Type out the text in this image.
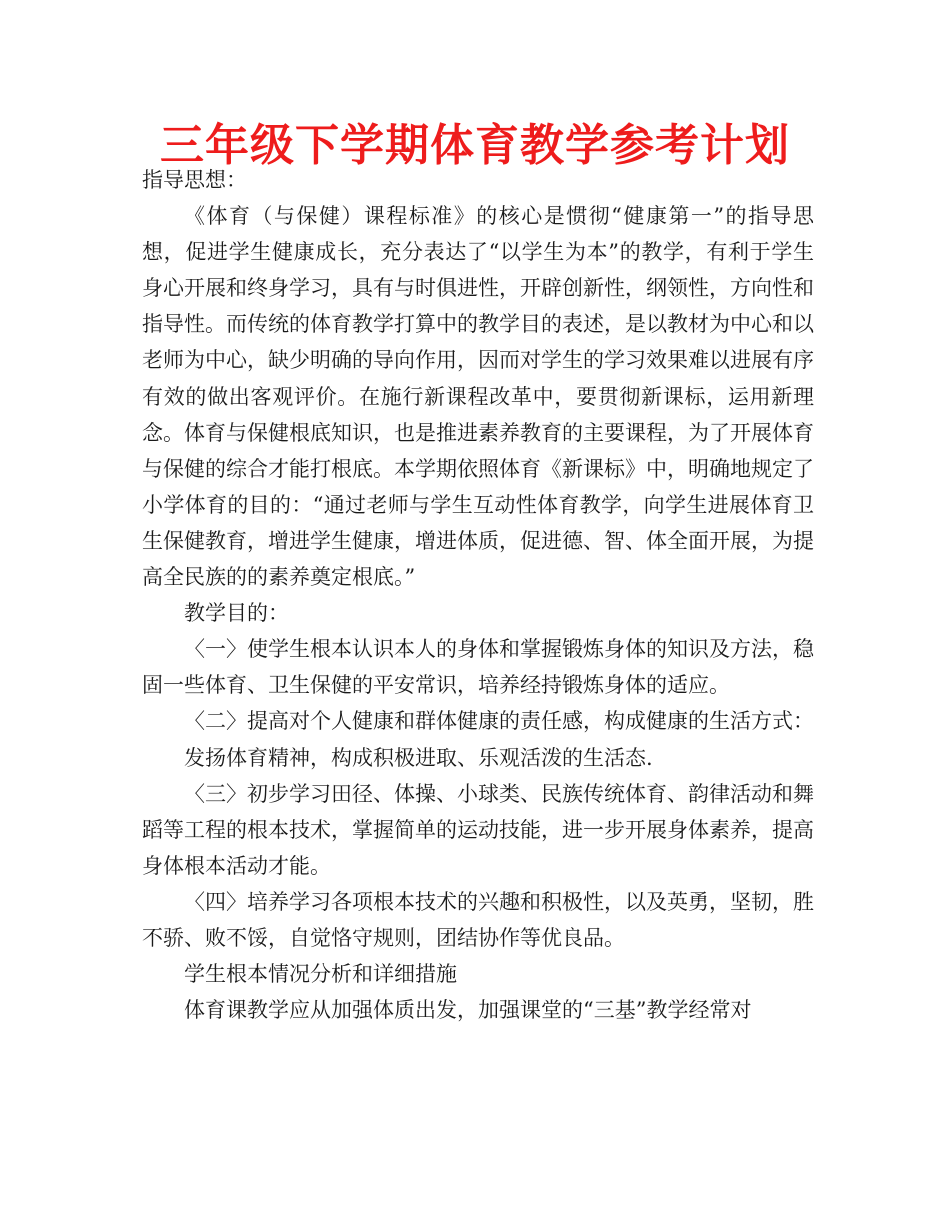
三年级下学期体育教学参考计划

指导思想：

《体育（与保健）课程标准》的核心是惯彻“健康第一”的指导思想，促进学生健康成长，充分表达了“以学生为本”的教学，有利于学生身心开展和终身学习，具有与时俱进性，开辟创新性，纲领性，方向性和指导性。而传统的体育教学打算中的教学目的表述，是以教材为中心和以老师为中心，缺少明确的导向作用，因而对学生的学习效果难以进展有序有效的做出客观评价。在施行新课程改革中，要贯彻新课标，运用新理念。体育与保健根底知识，也是推进素养教育的主要课程，为了开展体育与保健的综合才能打根底。本学期依照体育《新课标》中，明确地规定了小学体育的目的：“通过老师与学生互动性体育教学，向学生进展体育卫生保健教育，增进学生健康，增进体质，促进德、智、体全面开展，为提高全民族的的素养奠定根底。”

教学目的：

〈一〉使学生根本认识本人的身体和掌握锻炼身体的知识及方法，稳固一些体育、卫生保健的平安常识，培养经持锻炼身体的适应。

〈二〉提高对个人健康和群体健康的责任感，构成健康的生活方式：

发扬体育精神，构成积极进取、乐观活泼的生活态.

〈三〉初步学习田径、体操、小球类、民族传统体育、韵律活动和舞蹈等工程的根本技术，掌握简单的运动技能，进一步开展身体素养，提高身体根本活动才能。

〈四〉培养学习各项根本技术的兴趣和积极性，以及英勇，坚韧，胜不骄、败不馁，自觉恪守规则，团结协作等优良品。

学生根本情况分析和详细措施

体育课教学应从加强体质出发，加强课堂的“三基”教学经常对
